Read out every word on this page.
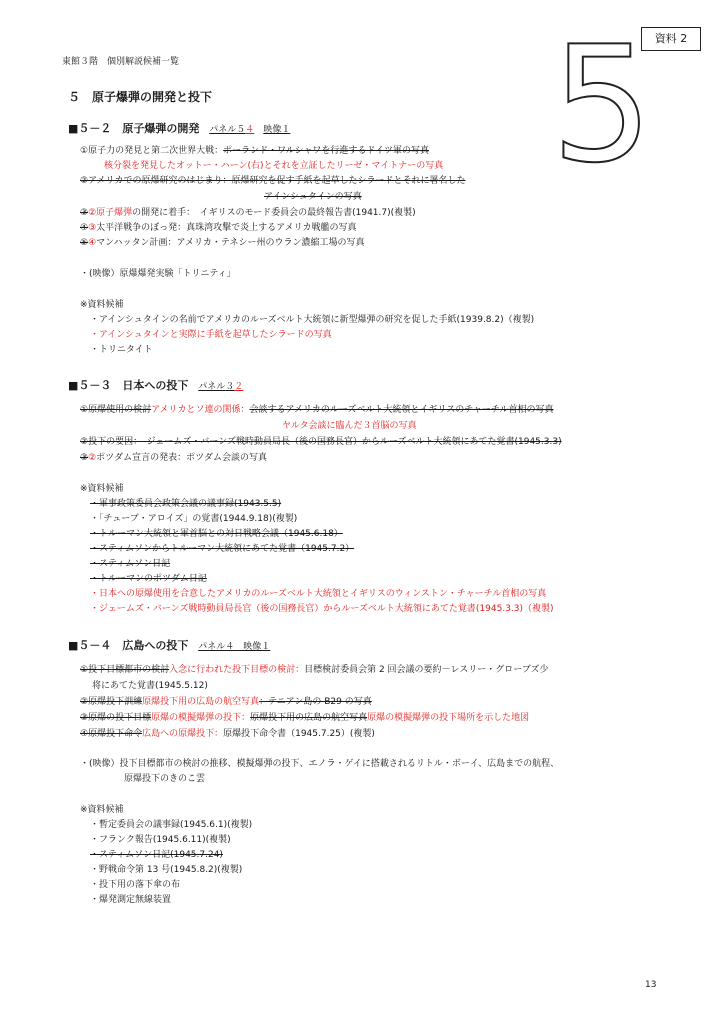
資料 2
5
東館３階　個別解説候補一覧
５　原子爆弾の開発と投下
■５－２　原子爆弾の開発 パネル５４　 映像１
①原子力の発見と第二次世界大戦：ポーランド・ワルシャワを行進するドイツ軍の写真
核分裂を発見したオットー・ハーン(右)とそれを立証したリーゼ・マイトナーの写真
②アメリカでの原爆研究のはじまり：原爆研究を促す手紙を起草したシラードとそれに署名した
アインシュタインの写真
③②原子爆弾の開発に着手：　イギリスのモード委員会の最終報告書(1941.7)(複製)
④③太平洋戦争のぼっ発：真珠湾攻撃で炎上するアメリカ戦艦の写真
⑤④マンハッタン計画：アメリカ・テネシー州のウラン濃縮工場の写真
・(映像）原爆爆発実験「トリニティ」
※資料候補
・アインシュタインの名前でアメリカのルーズベルト大統領に新型爆弾の研究を促した手紙(1939.8.2)（複製)
・アインシュタインと実際に手紙を起草したシラードの写真
・トリニタイト
■５－３　日本への投下 パネル３２
①原爆使用の検討アメリカとソ連の関係：会談するアメリカのルーズベルト大統領とイギリスのチャーチル首相の写真
ヤルタ会談に臨んだ３首脳の写真
②投下の要因：　ジェームズ・バーンズ戦時動員局長（後の国務長官）からルーズベルト大統領にあてた覚書(1945.3.3)
③②ポツダム宣言の発表：ポツダム会談の写真
※資料候補
・軍事政策委員会政策会議の議事録(1943.5.5)
・「チューブ・アロイズ」の覚書(1944.9.18)(複製)
・トルーマン大統領と軍首脳との対日戦略会議（1945.6.18）
・スティムソンからトルーマン大統領にあてた覚書（1945.7.2）
・スティムソン日記
・トルーマンのポツダム日記
・日本への原爆使用を合意したアメリカのルーズベルト大統領とイギリスのウィンストン・チャーチル首相の写真
・ジェームズ・バーンズ戦時動員局長官（後の国務長官）からルーズベルト大統領にあてた覚書(1945.3.3)（複製)
■５－４　広島への投下 パネル４　映像１
①投下目標都市の検討入念に行われた投下目標の検討：目標検討委員会第 2 回会議の要約－レスリー・グローブズ少
将にあてた覚書(1945.5.12)
②原爆投下訓練原爆投下用の広島の航空写真：テニアン島の B29 の写真
③原爆の投下目標原爆の模擬爆弾の投下：原爆投下用の広島の航空写真原爆の模擬爆弾の投下場所を示した地図
④原爆投下命令広島への原爆投下：原爆投下命令書（1945.7.25）(複製)
・(映像）投下目標都市の検討の推移、模擬爆弾の投下、エノラ・ゲイに搭載されるリトル・ボーイ、広島までの航程、
原爆投下のきのこ雲
※資料候補
・暫定委員会の議事録(1945.6.1)(複製)
・フランク報告(1945.6.11)(複製)
・スティムソン日記(1945.7.24)
・野戦命令第 13 号(1945.8.2)(複製)
・投下用の落下傘の布
・爆発測定無線装置
13
